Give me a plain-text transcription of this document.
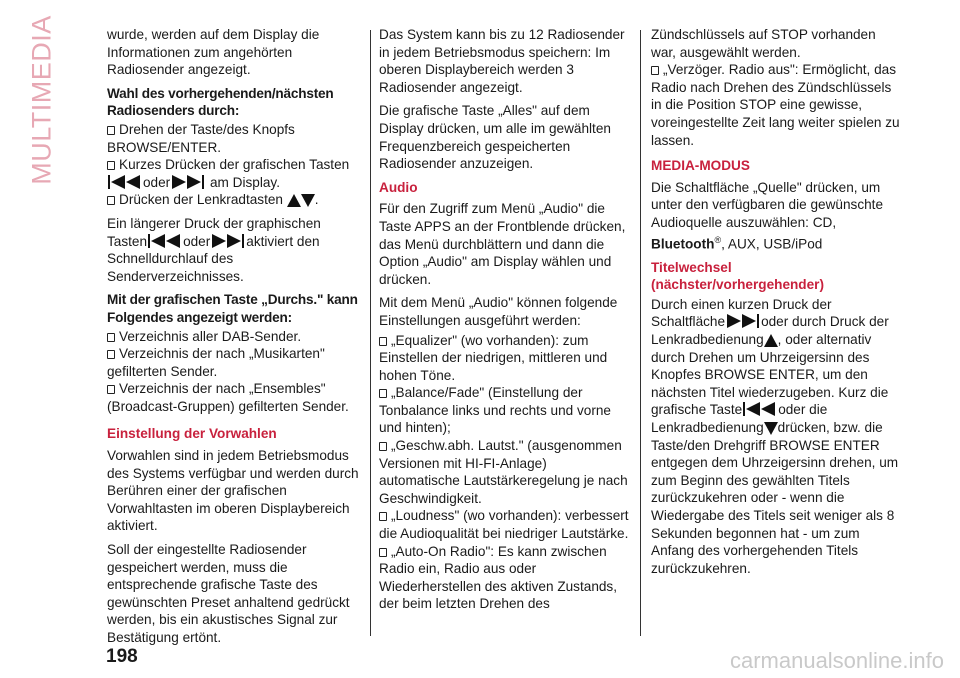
MULTIMEDIA	wurde, werden auf dem Display die Informationen zum angehörten Radiosender angezeigt.

Wahl des vorhergehenden/nächsten Radiosenders durch:

Drehen der Taste/des Knopfs BROWSE/ENTER.

Kurzes Drücken der grafischen Tasten oder	am Display.

Drücken der Lenkradtasten .

Ein längerer Druck der graphischen Tasten	oder	aktiviert den Schnelldurchlauf des Senderverzeichnisses.

Mit der grafischen Taste „Durchs." kann Folgendes angezeigt werden:

Verzeichnis aller DAB-Sender.

Verzeichnis der nach „Musikarten" gefilterten Sender.

Verzeichnis der nach „Ensembles" (Broadcast-Gruppen) gefilterten Sender.

Einstellung der Vorwahlen

Vorwahlen sind in jedem Betriebsmodus des Systems verfügbar und werden durch Berühren einer der grafischen Vorwahltasten im oberen Displaybereich aktiviert.

Soll der eingestellte Radiosender gespeichert werden, muss die entsprechende grafische Taste des gewünschten Preset anhaltend gedrückt werden, bis ein akustisches Signal zur Bestätigung ertönt.

Das System kann bis zu 12 Radiosender in jedem Betriebsmodus speichern: Im oberen Displaybereich werden 3 Radiosender angezeigt.

Die grafische Taste „Alles" auf dem Display drücken, um alle im gewählten Frequenzbereich gespeicherten Radiosender anzuzeigen.

Audio

Für den Zugriff zum Menü „Audio" die Taste APPS an der Frontblende drücken, das Menü durchblättern und dann die Option „Audio" am Display wählen und drücken.

Mit dem Menü „Audio" können folgende Einstellungen ausgeführt werden:

„Equalizer" (wo vorhanden): zum Einstellen der niedrigen, mittleren und hohen Töne.

„Balance/Fade" (Einstellung der Tonbalance links und rechts und vorne und hinten);

„Geschw.abh. Lautst." (ausgenommen Versionen mit HI-FI-Anlage) automatische Lautstärkeregelung je nach Geschwindigkeit.

„Loudness" (wo vorhanden): verbessert die Audioqualität bei niedriger Lautstärke.

„Auto-On Radio": Es kann zwischen Radio ein, Radio aus oder Wiederherstellen des aktiven Zustands, der beim letzten Drehen des

Zündschlüssels auf STOP vorhanden war, ausgewählt werden.

„Verzöger. Radio aus": Ermöglicht, das Radio nach Drehen des Zündschlüssels in die Position STOP eine gewisse, voreingestellte Zeit lang weiter spielen zu lassen.

MEDIA-MODUS

Die Schaltfläche „Quelle" drücken, um unter den verfügbaren die gewünschte Audioquelle auszuwählen: CD, Bluetooth®, AUX, USB/iPod

Titelwechsel (nächster/vorhergehender)

Durch einen kurzen Druck der Schaltfläche	oder durch Druck der Lenkradbedienung , oder alternativ durch Drehen um Uhrzeigersinn des Knopfes BROWSE ENTER, um den nächsten Titel wiederzugeben. Kurz die grafische Taste	oder die Lenkradbedienung drücken, bzw. die Taste/den Drehgriff BROWSE ENTER entgegen dem Uhrzeigersinn drehen, um zum Beginn des gewählten Titels zurückzukehren oder - wenn die Wiedergabe des Titels seit weniger als 8 Sekunden begonnen hat - um zum Anfang des vorhergehenden Titels zurückzukehren.

198	carmanualsonline.info
